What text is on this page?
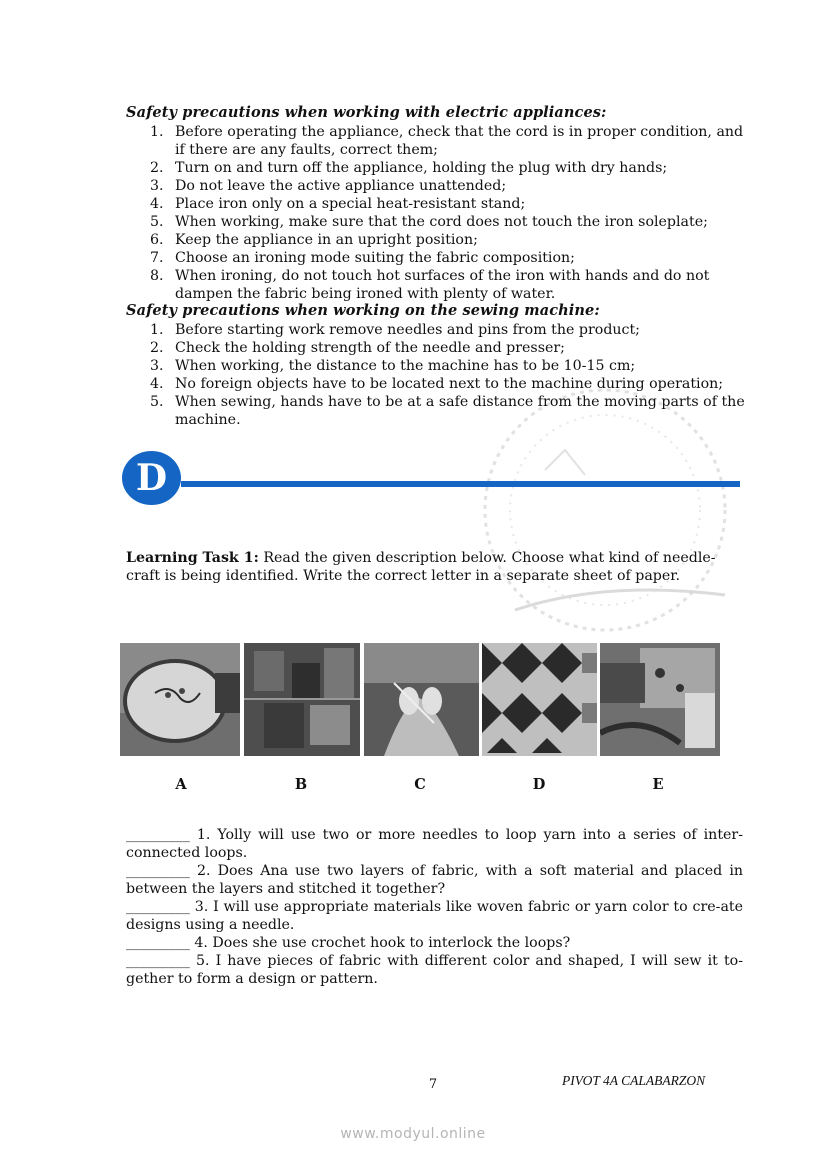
Safety precautions when working with electric appliances:
1. Before operating the appliance, check that the cord is in proper condition, and if there are any faults, correct them;
2. Turn on and turn off the appliance, holding the plug with dry hands;
3. Do not leave the active appliance unattended;
4. Place iron only on a special heat-resistant stand;
5. When working, make sure that the cord does not touch the iron soleplate;
6. Keep the appliance in an upright position;
7. Choose an ironing mode suiting the fabric composition;
8. When ironing, do not touch hot surfaces of the iron with hands and do not dampen the fabric being ironed with plenty of water.
Safety precautions when working on the sewing machine:
1. Before starting work remove needles and pins from the product;
2. Check the holding strength of the needle and presser;
3. When working, the distance to the machine has to be 10-15 cm;
4. No foreign objects have to be located next to the machine during operation;
5. When sewing, hands have to be at a safe distance from the moving parts of the machine.
D
Learning Task 1: Read the given description below. Choose what kind of needle-craft is being identified. Write the correct letter in a separate sheet of paper.
A	B	C	D	E

_________ 1. Yolly will use two or more needles to loop yarn into a series of inter-connected loops.

_________ 2. Does Ana use two layers of fabric, with a soft material and placed in between the layers and stitched it together?

_________ 3. I will use appropriate materials like woven fabric or yarn color to cre-ate designs using a needle.

_________ 4. Does she use crochet hook to interlock the loops?

_________ 5. I have pieces of fabric with different color and shaped, I will sew it to-gether to form a design or pattern.

7	PIVOT 4A CALABARZON
www.modyul.online
